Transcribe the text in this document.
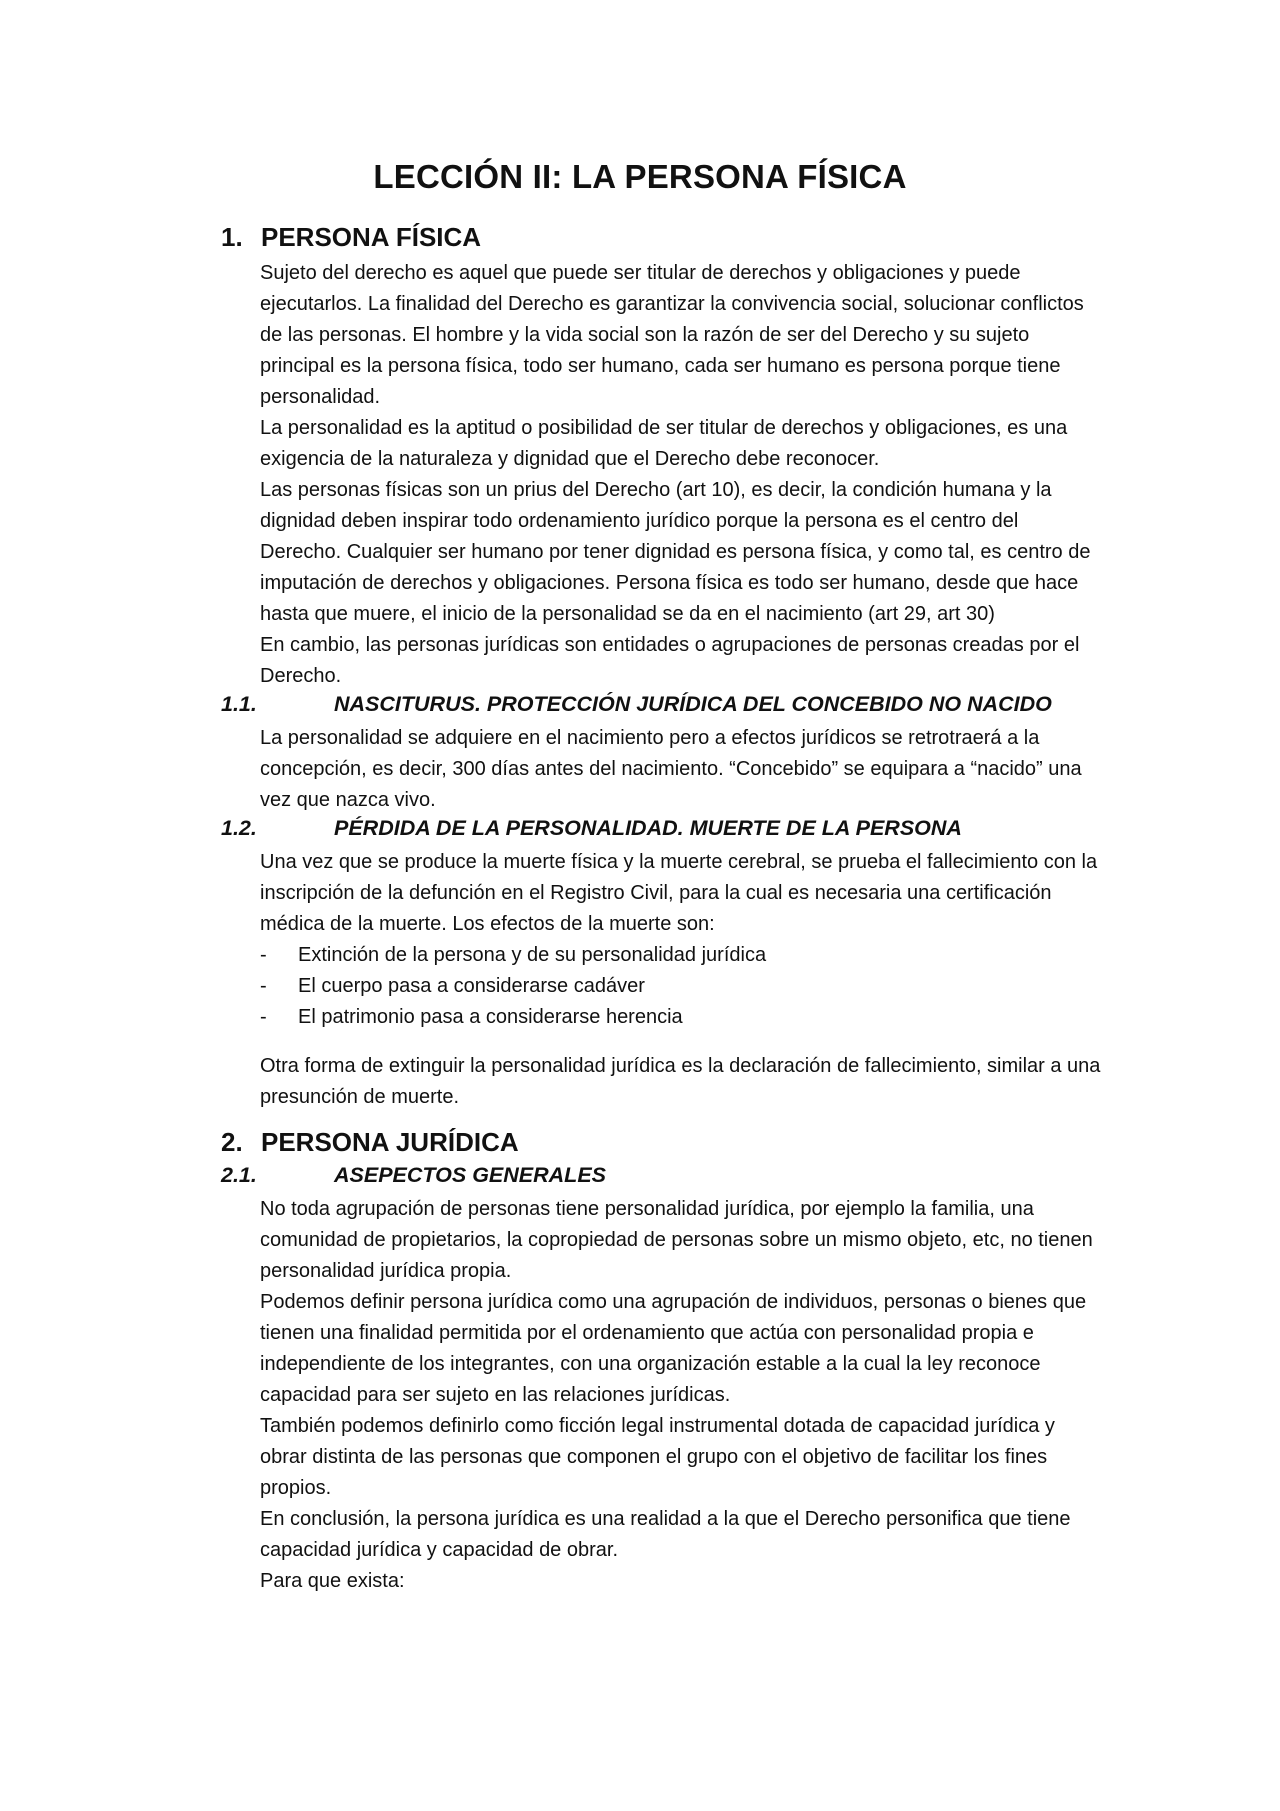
LECCIÓN II: LA PERSONA FÍSICA
1. PERSONA FÍSICA

Sujeto del derecho es aquel que puede ser titular de derechos y obligaciones y puede ejecutarlos. La finalidad del Derecho es garantizar la convivencia social, solucionar conflictos de las personas. El hombre y la vida social son la razón de ser del Derecho y su sujeto principal es la persona física, todo ser humano, cada ser humano es persona porque tiene personalidad.

La personalidad es la aptitud o posibilidad de ser titular de derechos y obligaciones, es una exigencia de la naturaleza y dignidad que el Derecho debe reconocer.

Las personas físicas son un prius del Derecho (art 10), es decir, la condición humana y la dignidad deben inspirar todo ordenamiento jurídico porque la persona es el centro del Derecho. Cualquier ser humano por tener dignidad es persona física, y como tal, es centro de imputación de derechos y obligaciones. Persona física es todo ser humano, desde que hace hasta que muere, el inicio de la personalidad se da en el nacimiento (art 29, art 30)

En cambio, las personas jurídicas son entidades o agrupaciones de personas creadas por el Derecho.

1.1.	NASCITURUS. PROTECCIÓN JURÍDICA DEL CONCEBIDO NO NACIDO

La personalidad se adquiere en el nacimiento pero a efectos jurídicos se retrotraerá a la concepción, es decir, 300 días antes del nacimiento. “Concebido” se equipara a “nacido” una vez que nazca vivo.

1.2.	PÉRDIDA DE LA PERSONALIDAD. MUERTE DE LA PERSONA

Una vez que se produce la muerte física y la muerte cerebral, se prueba el fallecimiento con la inscripción de la defunción en el Registro Civil, para la cual es necesaria una certificación médica de la muerte. Los efectos de la muerte son:

-	Extinción de la persona y de su personalidad jurídica
-	El cuerpo pasa a considerarse cadáver
-	El patrimonio pasa a considerarse herencia

Otra forma de extinguir la personalidad jurídica es la declaración de fallecimiento, similar a una presunción de muerte.

2. PERSONA JURÍDICA
2.1.	ASEPECTOS GENERALES

No toda agrupación de personas tiene personalidad jurídica, por ejemplo la familia, una comunidad de propietarios, la copropiedad de personas sobre un mismo objeto, etc, no tienen personalidad jurídica propia.

Podemos definir persona jurídica como una agrupación de individuos, personas o bienes que tienen una finalidad permitida por el ordenamiento que actúa con personalidad propia e independiente de los integrantes, con una organización estable a la cual la ley reconoce capacidad para ser sujeto en las relaciones jurídicas.

También podemos definirlo como ficción legal instrumental dotada de capacidad jurídica y obrar distinta de las personas que componen el grupo con el objetivo de facilitar los fines propios.

En conclusión, la persona jurídica es una realidad a la que el Derecho personifica que tiene capacidad jurídica y capacidad de obrar.

Para que exista:
